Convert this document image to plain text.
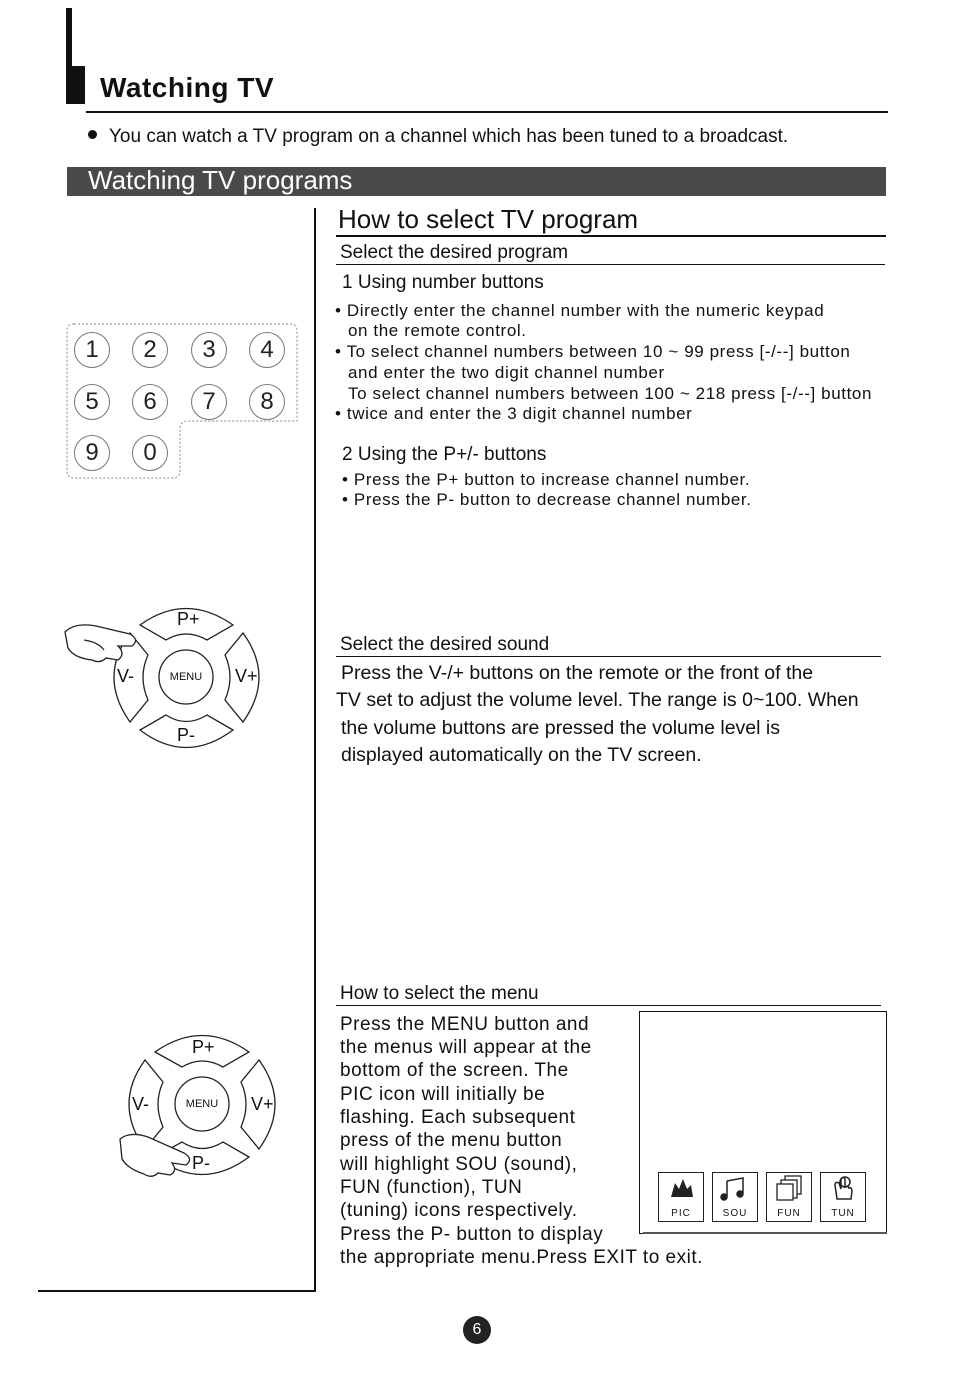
Watching TV
You can watch a TV program on a channel which has been tuned to a broadcast.
Watching TV programs
How to select TV program
Select the desired program
1 Using number buttons
• Directly enter the channel number with the numeric keypad
on the remote control.
• To select channel numbers between 10 ~ 99 press [-/--] button
and enter the two digit channel number
To select channel numbers between 100 ~ 218 press [-/--] button
• twice and enter the 3 digit channel number
2 Using the P+/- buttons
• Press the P+ button to increase channel number.
• Press the P- button to decrease channel number.
1	2	3	4
5	6	7	8
9	0
P+
P-
V-	V+
MENU
Select the desired sound
Press the V-/+ buttons on the remote or the front of the
TV set to adjust the volume level. The range is 0~100. When
the volume buttons are pressed the volume level is
displayed automatically on the TV screen.
How to select the menu
Press the MENU button and
the menus will appear at the
bottom of the screen. The
PIC icon will initially be
flashing. Each subsequent
press of the menu button
will highlight SOU (sound),
FUN (function), TUN
(tuning) icons respectively.
Press the P- button to display
the appropriate menu.Press EXIT to exit.
P+
P-
V-	V+
MENU
PIC	SOU	FUN	TUN
6
